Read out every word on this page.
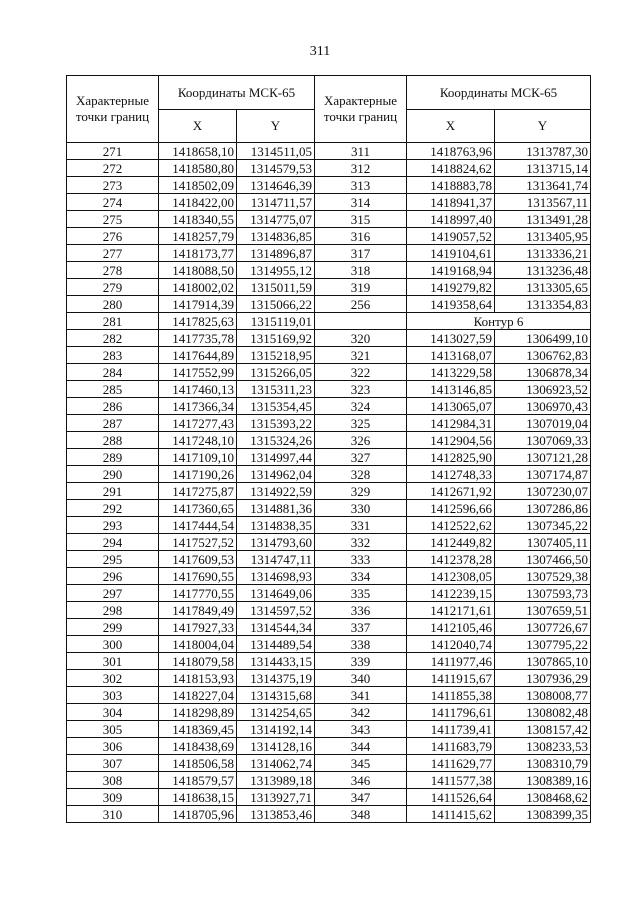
311
Характерные точки границ	Координаты МСК-65		Характерные точки границ	Координаты МСК-65	
	X	Y		X	Y
271	1418658,10	1314511,05	311	1418763,96	1313787,30
272	1418580,80	1314579,53	312	1418824,62	1313715,14
273	1418502,09	1314646,39	313	1418883,78	1313641,74
274	1418422,00	1314711,57	314	1418941,37	1313567,11
275	1418340,55	1314775,07	315	1418997,40	1313491,28
276	1418257,79	1314836,85	316	1419057,52	1313405,95
277	1418173,77	1314896,87	317	1419104,61	1313336,21
278	1418088,50	1314955,12	318	1419168,94	1313236,48
279	1418002,02	1315011,59	319	1419279,82	1313305,65
280	1417914,39	1315066,22	256	1419358,64	1313354,83
281	1417825,63	1315119,01		Контур 6	
282	1417735,78	1315169,92	320	1413027,59	1306499,10
283	1417644,89	1315218,95	321	1413168,07	1306762,83
284	1417552,99	1315266,05	322	1413229,58	1306878,34
285	1417460,13	1315311,23	323	1413146,85	1306923,52
286	1417366,34	1315354,45	324	1413065,07	1306970,43
287	1417277,43	1315393,22	325	1412984,31	1307019,04
288	1417248,10	1315324,26	326	1412904,56	1307069,33
289	1417109,10	1314997,44	327	1412825,90	1307121,28
290	1417190,26	1314962,04	328	1412748,33	1307174,87
291	1417275,87	1314922,59	329	1412671,92	1307230,07
292	1417360,65	1314881,36	330	1412596,66	1307286,86
293	1417444,54	1314838,35	331	1412522,62	1307345,22
294	1417527,52	1314793,60	332	1412449,82	1307405,11
295	1417609,53	1314747,11	333	1412378,28	1307466,50
296	1417690,55	1314698,93	334	1412308,05	1307529,38
297	1417770,55	1314649,06	335	1412239,15	1307593,73
298	1417849,49	1314597,52	336	1412171,61	1307659,51
299	1417927,33	1314544,34	337	1412105,46	1307726,67
300	1418004,04	1314489,54	338	1412040,74	1307795,22
301	1418079,58	1314433,15	339	1411977,46	1307865,10
302	1418153,93	1314375,19	340	1411915,67	1307936,29
303	1418227,04	1314315,68	341	1411855,38	1308008,77
304	1418298,89	1314254,65	342	1411796,61	1308082,48
305	1418369,45	1314192,14	343	1411739,41	1308157,42
306	1418438,69	1314128,16	344	1411683,79	1308233,53
307	1418506,58	1314062,74	345	1411629,77	1308310,79
308	1418579,57	1313989,18	346	1411577,38	1308389,16
309	1418638,15	1313927,71	347	1411526,64	1308468,62
310	1418705,96	1313853,46	348	1411415,62	1308399,35
